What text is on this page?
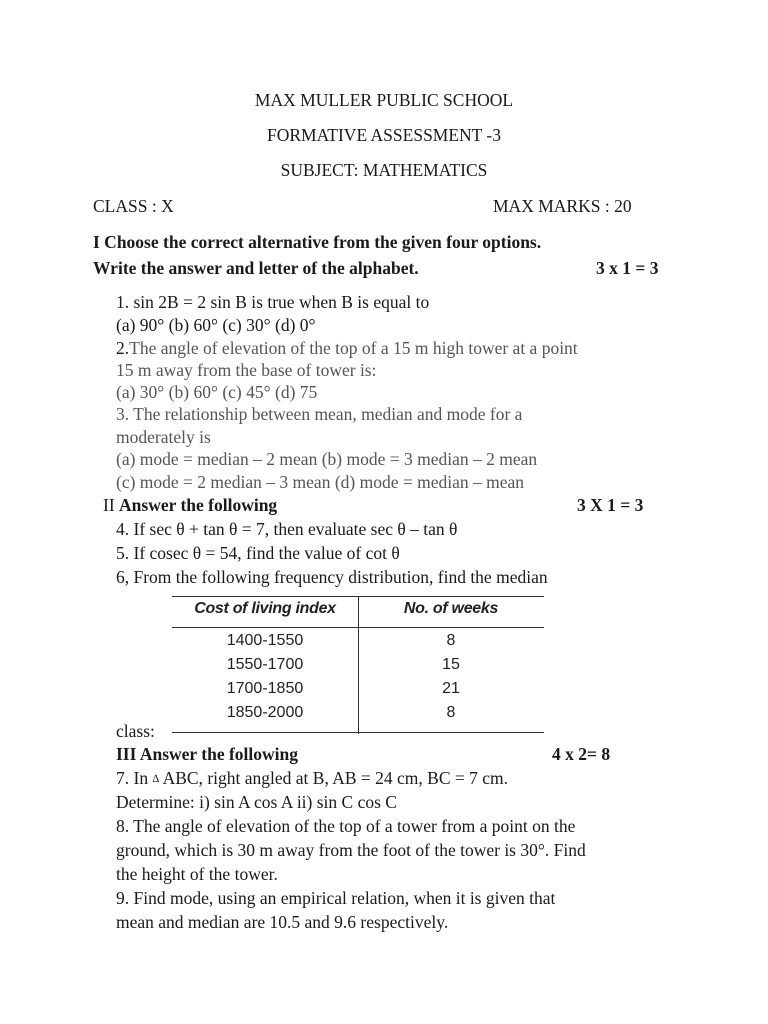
MAX MULLER PUBLIC SCHOOL
FORMATIVE ASSESSMENT -3
SUBJECT: MATHEMATICS
CLASS : X	MAX MARKS : 20
I Choose the correct alternative from the given four options.
Write the answer and letter of the alphabet.	3 x 1 = 3
1. sin 2B = 2 sin B is true when B is equal to
(a) 90° (b) 60° (c) 30° (d) 0°
2.The angle of elevation of the top of a 15 m high tower at a point
15 m away from the base of tower is:
(a) 30° (b) 60° (c) 45° (d) 75
3. The relationship between mean, median and mode for a
moderately is
(a) mode = median – 2 mean (b) mode = 3 median – 2 mean
(c) mode = 2 median – 3 mean (d) mode = median – mean
II Answer the following	3 X 1 = 3
4. If sec θ + tan θ = 7, then evaluate sec θ – tan θ
5. If cosec θ = 54, find the value of cot θ
6, From the following frequency distribution, find the median
Cost of living index	No. of weeks
1400-1550	8
1550-1700	15
1700-1850	21
1850-2000	8
class:
III Answer the following	4 x 2= 8
7. In ∆ ABC, right angled at B, AB = 24 cm, BC = 7 cm.
Determine: i) sin A cos A ii) sin C cos C
8. The angle of elevation of the top of a tower from a point on the
ground, which is 30 m away from the foot of the tower is 30°. Find
the height of the tower.
9. Find mode, using an empirical relation, when it is given that
mean and median are 10.5 and 9.6 respectively.
